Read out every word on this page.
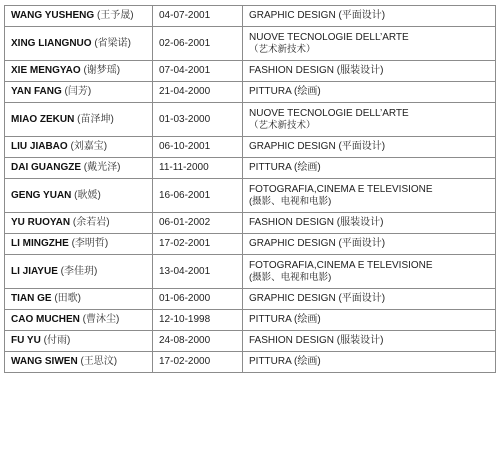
WANG YUSHENG (王予晟)	04-07-2001	GRAPHIC DESIGN (平面设计)

XING LIANGNUO (省梁诺)	02-06-2001	NUOVE TECNOLOGIE DELL’ARTE
（艺术新技术）

XIE MENGYAO (谢梦瑶)	07-04-2001	FASHION DESIGN (服装设计)

YAN FANG (闫芳)	21-04-2000	PITTURA (绘画)

MIAO ZEKUN (苗泽坤)	01-03-2000	NUOVE TECNOLOGIE DELL’ARTE
（艺术新技术）

LIU JIABAO (刘嘉宝)	06-10-2001	GRAPHIC DESIGN (平面设计)

DAI GUANGZE (戴光泽)	11-11-2000	PITTURA (绘画)

GENG YUAN (耿媛)	16-06-2001	FOTOGRAFIA,CINEMA E TELEVISIONE
(摄影、电视和电影)

YU RUOYAN (余若岩)	06-01-2002	FASHION DESIGN (服装设计)

LI MINGZHE (李明哲)	17-02-2001	GRAPHIC DESIGN (平面设计)

LI JIAYUE (李佳玥)	13-04-2001	FOTOGRAFIA,CINEMA E TELEVISIONE
(摄影、电视和电影)

TIAN GE (田歌)	01-06-2000	GRAPHIC DESIGN (平面设计)

CAO MUCHEN (曹沐尘)	12-10-1998	PITTURA (绘画)

FU YU (付雨)	24-08-2000	FASHION DESIGN (服装设计)

WANG SIWEN (王思汶)	17-02-2000	PITTURA (绘画)
